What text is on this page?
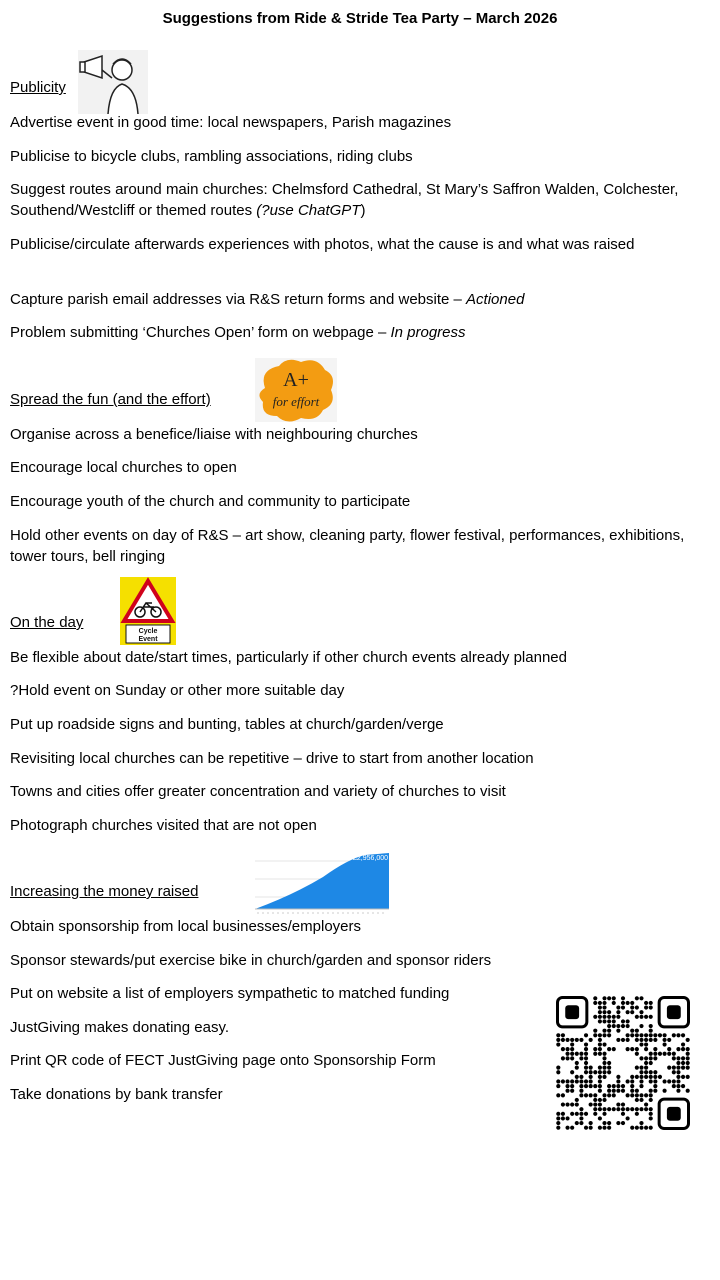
Suggestions from Ride & Stride Tea Party – March 2026
Publicity
Advertise event in good time: local newspapers, Parish magazines
Publicise to bicycle clubs, rambling associations, riding clubs
Suggest routes around main churches: Chelmsford Cathedral, St Mary’s Saffron Walden, Colchester, Southend/Westcliff or themed routes (?use ChatGPT)
Publicise/circulate afterwards experiences with photos, what the cause is and what was raised
Capture parish email addresses via R&S return forms and website – Actioned
Problem submitting ‘Churches Open’ form on webpage – In progress
Spread the fun (and the effort)
A+
for effort
Organise across a benefice/liaise with neighbouring churches
Encourage local churches to open
Encourage youth of the church and community to participate
Hold other events on day of R&S – art show, cleaning party, flower festival, performances, exhibitions, tower tours, bell ringing
On the day
Cycle
Event
Be flexible about date/start times, particularly if other church events already planned
?Hold event on Sunday or other more suitable day
Put up roadside signs and bunting, tables at church/garden/verge
Revisiting local churches can be repetitive – drive to start from another location
Towns and cities offer greater concentration and variety of churches to visit
Photograph churches visited that are not open
Increasing the money raised
£2,956,000
Obtain sponsorship from local businesses/employers
Sponsor stewards/put exercise bike in church/garden and sponsor riders
Put on website a list of employers sympathetic to matched funding
JustGiving makes donating easy.
Print QR code of FECT JustGiving page onto Sponsorship Form
Take donations by bank transfer
